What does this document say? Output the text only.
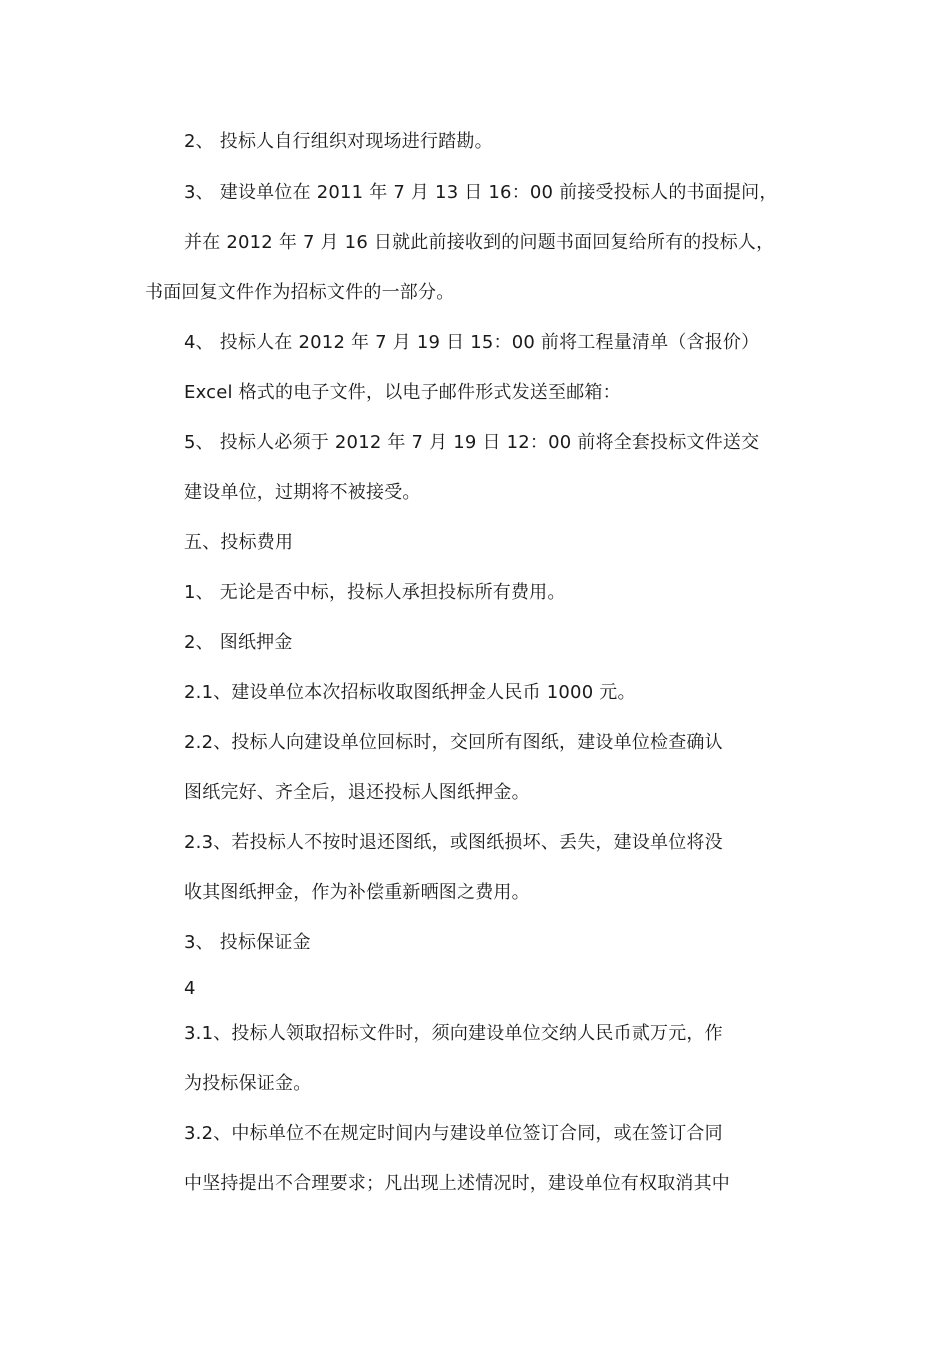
2、 投标人自行组织对现场进行踏勘。
3、 建设单位在 2011 年 7 月 13 日 16：00 前接受投标人的书面提问，
并在 2012 年 7 月 16 日就此前接收到的问题书面回复给所有的投标人，
书面回复文件作为招标文件的一部分。
4、 投标人在 2012 年 7 月 19 日 15：00 前将工程量清单（含报价）
Excel 格式的电子文件，以电子邮件形式发送至邮箱：
5、 投标人必须于 2012 年 7 月 19 日 12：00 前将全套投标文件送交
建设单位，过期将不被接受。
五、投标费用
1、 无论是否中标，投标人承担投标所有费用。
2、 图纸押金
2.1、建设单位本次招标收取图纸押金人民币 1000 元。
2.2、投标人向建设单位回标时，交回所有图纸，建设单位检查确认
图纸完好、齐全后，退还投标人图纸押金。
2.3、若投标人不按时退还图纸，或图纸损坏、丢失，建设单位将没
收其图纸押金，作为补偿重新晒图之费用。
3、 投标保证金
4
3.1、投标人领取招标文件时，须向建设单位交纳人民币贰万元，作
为投标保证金。
3.2、中标单位不在规定时间内与建设单位签订合同，或在签订合同
中坚持提出不合理要求；凡出现上述情况时，建设单位有权取消其中
